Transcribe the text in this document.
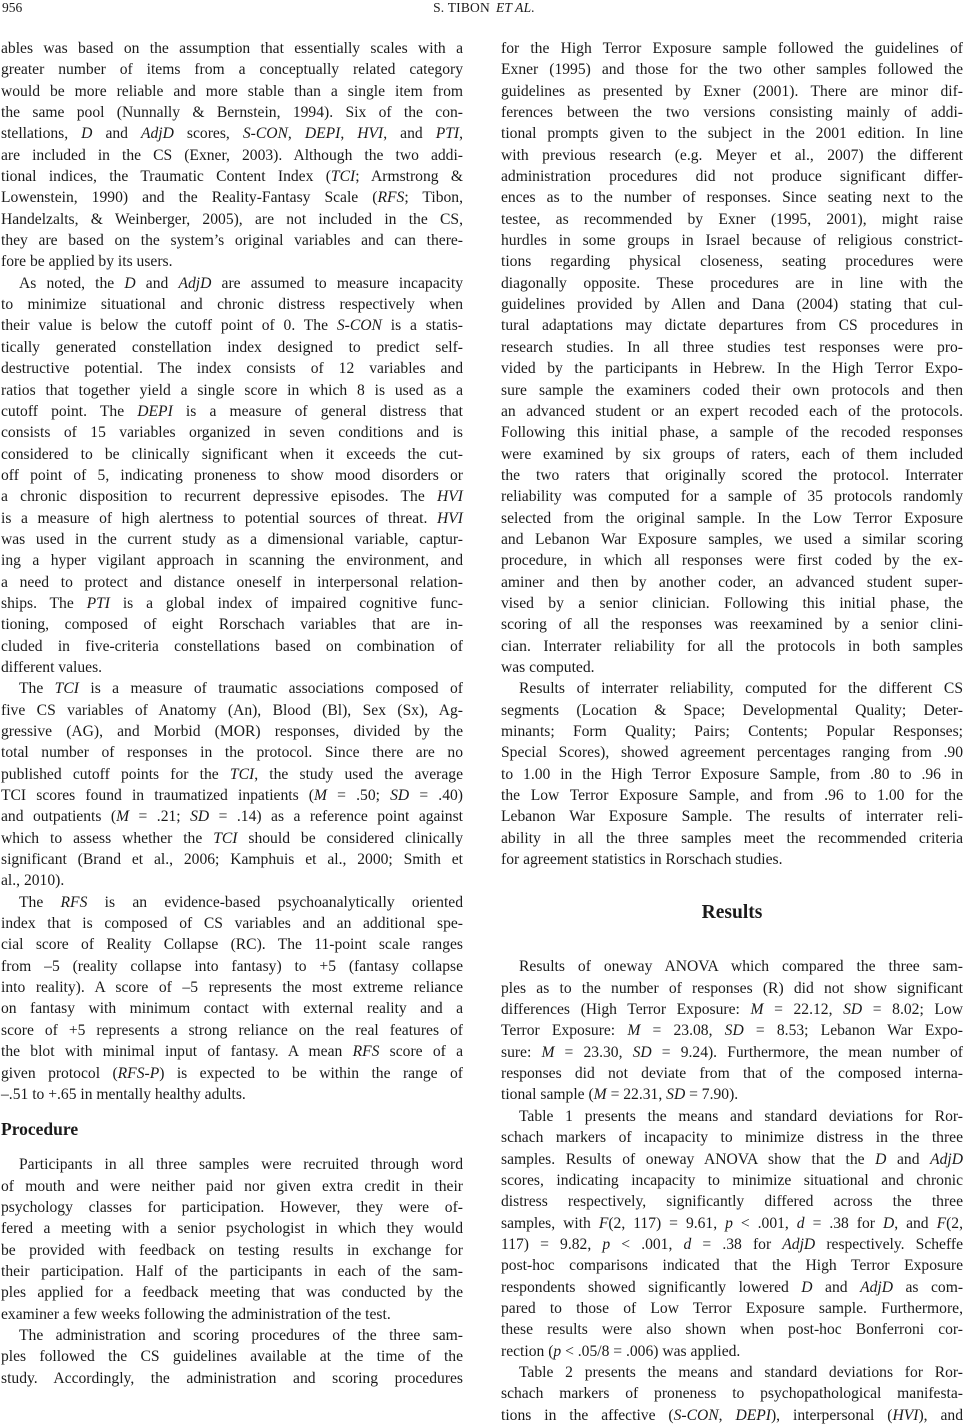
956	S. TIBON ET AL.
ables was based on the assumption that essentially scales with a
greater number of items from a conceptually related category
would be more reliable and more stable than a single item from
the same pool (Nunnally & Bernstein, 1994). Six of the con-
stellations, D and AdjD scores, S-CON, DEPI, HVI, and PTI,
are included in the CS (Exner, 2003). Although the two addi-
tional indices, the Traumatic Content Index (TCI; Armstrong &
Lowenstein, 1990) and the Reality-Fantasy Scale (RFS; Tibon,
Handelzalts, & Weinberger, 2005), are not included in the CS,
they are based on the system’s original variables and can there-
fore be applied by its users.
As noted, the D and AdjD are assumed to measure incapacity
to minimize situational and chronic distress respectively when
their value is below the cutoff point of 0. The S-CON is a statis-
tically generated constellation index designed to predict self-
destructive potential. The index consists of 12 variables and
ratios that together yield a single score in which 8 is used as a
cutoff point. The DEPI is a measure of general distress that
consists of 15 variables organized in seven conditions and is
considered to be clinically significant when it exceeds the cut-
off point of 5, indicating proneness to show mood disorders or
a chronic disposition to recurrent depressive episodes. The HVI
is a measure of high alertness to potential sources of threat. HVI
was used in the current study as a dimensional variable, captur-
ing a hyper vigilant approach in scanning the environment, and
a need to protect and distance oneself in interpersonal relation-
ships. The PTI is a global index of impaired cognitive func-
tioning, composed of eight Rorschach variables that are in-
cluded in five-criteria constellations based on combination of
different values.
The TCI is a measure of traumatic associations composed of
five CS variables of Anatomy (An), Blood (Bl), Sex (Sx), Ag-
gressive (AG), and Morbid (MOR) responses, divided by the
total number of responses in the protocol. Since there are no
published cutoff points for the TCI, the study used the average
TCI scores found in traumatized inpatients (M = .50; SD = .40)
and outpatients (M = .21; SD = .14) as a reference point against
which to assess whether the TCI should be considered clinically
significant (Brand et al., 2006; Kamphuis et al., 2000; Smith et
al., 2010).
The RFS is an evidence-based psychoanalytically oriented
index that is composed of CS variables and an additional spe-
cial score of Reality Collapse (RC). The 11-point scale ranges
from –5 (reality collapse into fantasy) to +5 (fantasy collapse
into reality). A score of –5 represents the most extreme reliance
on fantasy with minimum contact with external reality and a
score of +5 represents a strong reliance on the real features of
the blot with minimal input of fantasy. A mean RFS score of a
given protocol (RFS-P) is expected to be within the range of
–.51 to +.65 in mentally healthy adults.
Procedure
Participants in all three samples were recruited through word
of mouth and were neither paid nor given extra credit in their
psychology classes for participation. However, they were of-
fered a meeting with a senior psychologist in which they would
be provided with feedback on testing results in exchange for
their participation. Half of the participants in each of the sam-
ples applied for a feedback meeting that was conducted by the
examiner a few weeks following the administration of the test.
The administration and scoring procedures of the three sam-
ples followed the CS guidelines available at the time of the
study. Accordingly, the administration and scoring procedures
for the High Terror Exposure sample followed the guidelines of
Exner (1995) and those for the two other samples followed the
guidelines as presented by Exner (2001). There are minor dif-
ferences between the two versions consisting mainly of addi-
tional prompts given to the subject in the 2001 edition. In line
with previous research (e.g. Meyer et al., 2007) the different
administration procedures did not produce significant differ-
ences as to the number of responses. Since seating next to the
testee, as recommended by Exner (1995, 2001), might raise
hurdles in some groups in Israel because of religious constrict-
tions regarding physical closeness, seating procedures were
diagonally opposite. These procedures are in line with the
guidelines provided by Allen and Dana (2004) stating that cul-
tural adaptations may dictate departures from CS procedures in
research studies. In all three studies test responses were pro-
vided by the participants in Hebrew. In the High Terror Expo-
sure sample the examiners coded their own protocols and then
an advanced student or an expert recoded each of the protocols.
Following this initial phase, a sample of the recoded responses
were examined by six groups of raters, each of them included
the two raters that originally scored the protocol. Interrater
reliability was computed for a sample of 35 protocols randomly
selected from the original sample. In the Low Terror Exposure
and Lebanon War Exposure samples, we used a similar scoring
procedure, in which all responses were first coded by the ex-
aminer and then by another coder, an advanced student super-
vised by a senior clinician. Following this initial phase, the
scoring of all the responses was reexamined by a senior clini-
cian. Interrater reliability for all the protocols in both samples
was computed.
Results of interrater reliability, computed for the different CS
segments (Location & Space; Developmental Quality; Deter-
minants; Form Quality; Pairs; Contents; Popular Responses;
Special Scores), showed agreement percentages ranging from .90
to 1.00 in the High Terror Exposure Sample, from .80 to .96 in
the Low Terror Exposure Sample, and from .96 to 1.00 for the
Lebanon War Exposure Sample. The results of interrater reli-
ability in all the three samples meet the recommended criteria
for agreement statistics in Rorschach studies.
Results
Results of oneway ANOVA which compared the three sam-
ples as to the number of responses (R) did not show significant
differences (High Terror Exposure: M = 22.12, SD = 8.02; Low
Terror Exposure: M = 23.08, SD = 8.53; Lebanon War Expo-
sure: M = 23.30, SD = 9.24). Furthermore, the mean number of
responses did not deviate from that of the composed interna-
tional sample (M = 22.31, SD = 7.90).
Table 1 presents the means and standard deviations for Ror-
schach markers of incapacity to minimize distress in the three
samples. Results of oneway ANOVA show that the D and AdjD
scores, indicating incapacity to minimize situational and chronic
distress respectively, significantly differed across the three
samples, with F(2, 117) = 9.61, p < .001, d = .38 for D, and F(2,
117) = 9.82, p < .001, d = .38 for AdjD respectively. Scheffe
post-hoc comparisons indicated that the High Terror Exposure
respondents showed significantly lowered D and AdjD as com-
pared to those of Low Terror Exposure sample. Furthermore,
these results were also shown when post-hoc Bonferroni cor-
rection (p < .05/8 = .006) was applied.
Table 2 presents the means and standard deviations for Ror-
schach markers of proneness to psychopathological manifesta-
tions in the affective (S-CON, DEPI), interpersonal (HVI), and
